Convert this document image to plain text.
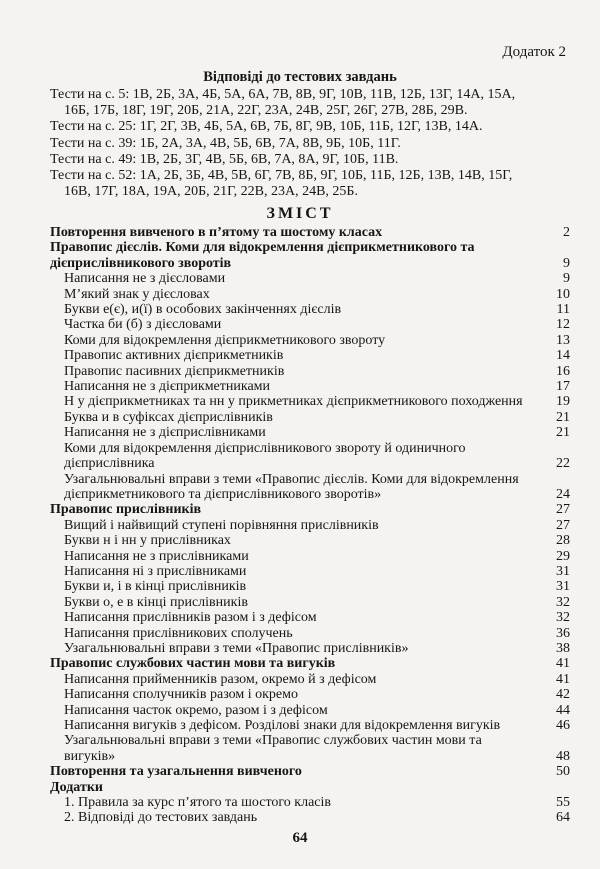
Додаток 2
Відповіді до тестових завдань
Тести на с. 5: 1В, 2Б, 3А, 4Б, 5А, 6А, 7В, 8В, 9Г, 10В, 11В, 12Б, 13Г, 14А, 15А,
16Б, 17Б, 18Г, 19Г, 20Б, 21А, 22Г, 23А, 24В, 25Г, 26Г, 27В, 28Б, 29В.
Тести на с. 25: 1Г, 2Г, 3В, 4Б, 5А, 6В, 7Б, 8Г, 9В, 10Б, 11Б, 12Г, 13В, 14А.
Тести на с. 39: 1Б, 2А, 3А, 4В, 5Б, 6В, 7А, 8В, 9Б, 10Б, 11Г.
Тести на с. 49: 1В, 2Б, 3Г, 4В, 5Б, 6В, 7А, 8А, 9Г, 10Б, 11В.
Тести на с. 52: 1А, 2Б, 3Б, 4В, 5В, 6Г, 7В, 8Б, 9Г, 10Б, 11Б, 12Б, 13В, 14В, 15Г,
16В, 17Г, 18А, 19А, 20Б, 21Г, 22В, 23А, 24В, 25Б.
ЗМІСТ
Повторення вивченого в п’ятому та шостому класах	2
Правопис дієслів. Коми для відокремлення дієприкметникового та дієприслівникового зворотів	9
Написання не з дієсловами	9
М’який знак у дієсловах	10
Букви е(є), и(ї) в особових закінченнях дієслів	11
Частка би (б) з дієсловами	12
Коми для відокремлення дієприкметникового звороту	13
Правопис активних дієприкметників	14
Правопис пасивних дієприкметників	16
Написання не з дієприкметниками	17
Н у дієприкметниках та нн у прикметниках дієприкметникового походження 19
Буква и в суфіксах дієприслівників	21
Написання не з дієприслівниками	21
Коми для відокремлення дієприслівникового звороту й одиничного дієприслівника	22
Узагальнювальні вправи з теми «Правопис дієслів. Коми для відокремлення дієприкметникового та дієприслівникового зворотів»	24
Правопис прислівників	27
Вищий і найвищий ступені порівняння прислівників	27
Букви н і нн у прислівниках	28
Написання не з прислівниками	29
Написання ні з прислівниками	31
Букви и, і в кінці прислівників	31
Букви о, е в кінці прислівників	32
Написання прислівників разом і з дефісом	32
Написання прислівникових сполучень	36
Узагальнювальні вправи з теми «Правопис прислівників»	38
Правопис службових частин мови та вигуків	41
Написання прийменників разом, окремо й з дефісом	41
Написання сполучників разом і окремо	42
Написання часток окремо, разом і з дефісом	44
Написання вигуків з дефісом. Розділові знаки для відокремлення вигуків	46
Узагальнювальні вправи з теми «Правопис службових частин мови та вигуків»	48
Повторення та узагальнення вивченого	50
Додатки
1. Правила за курс п’ятого та шостого класів	55
2. Відповіді до тестових завдань	64
64
